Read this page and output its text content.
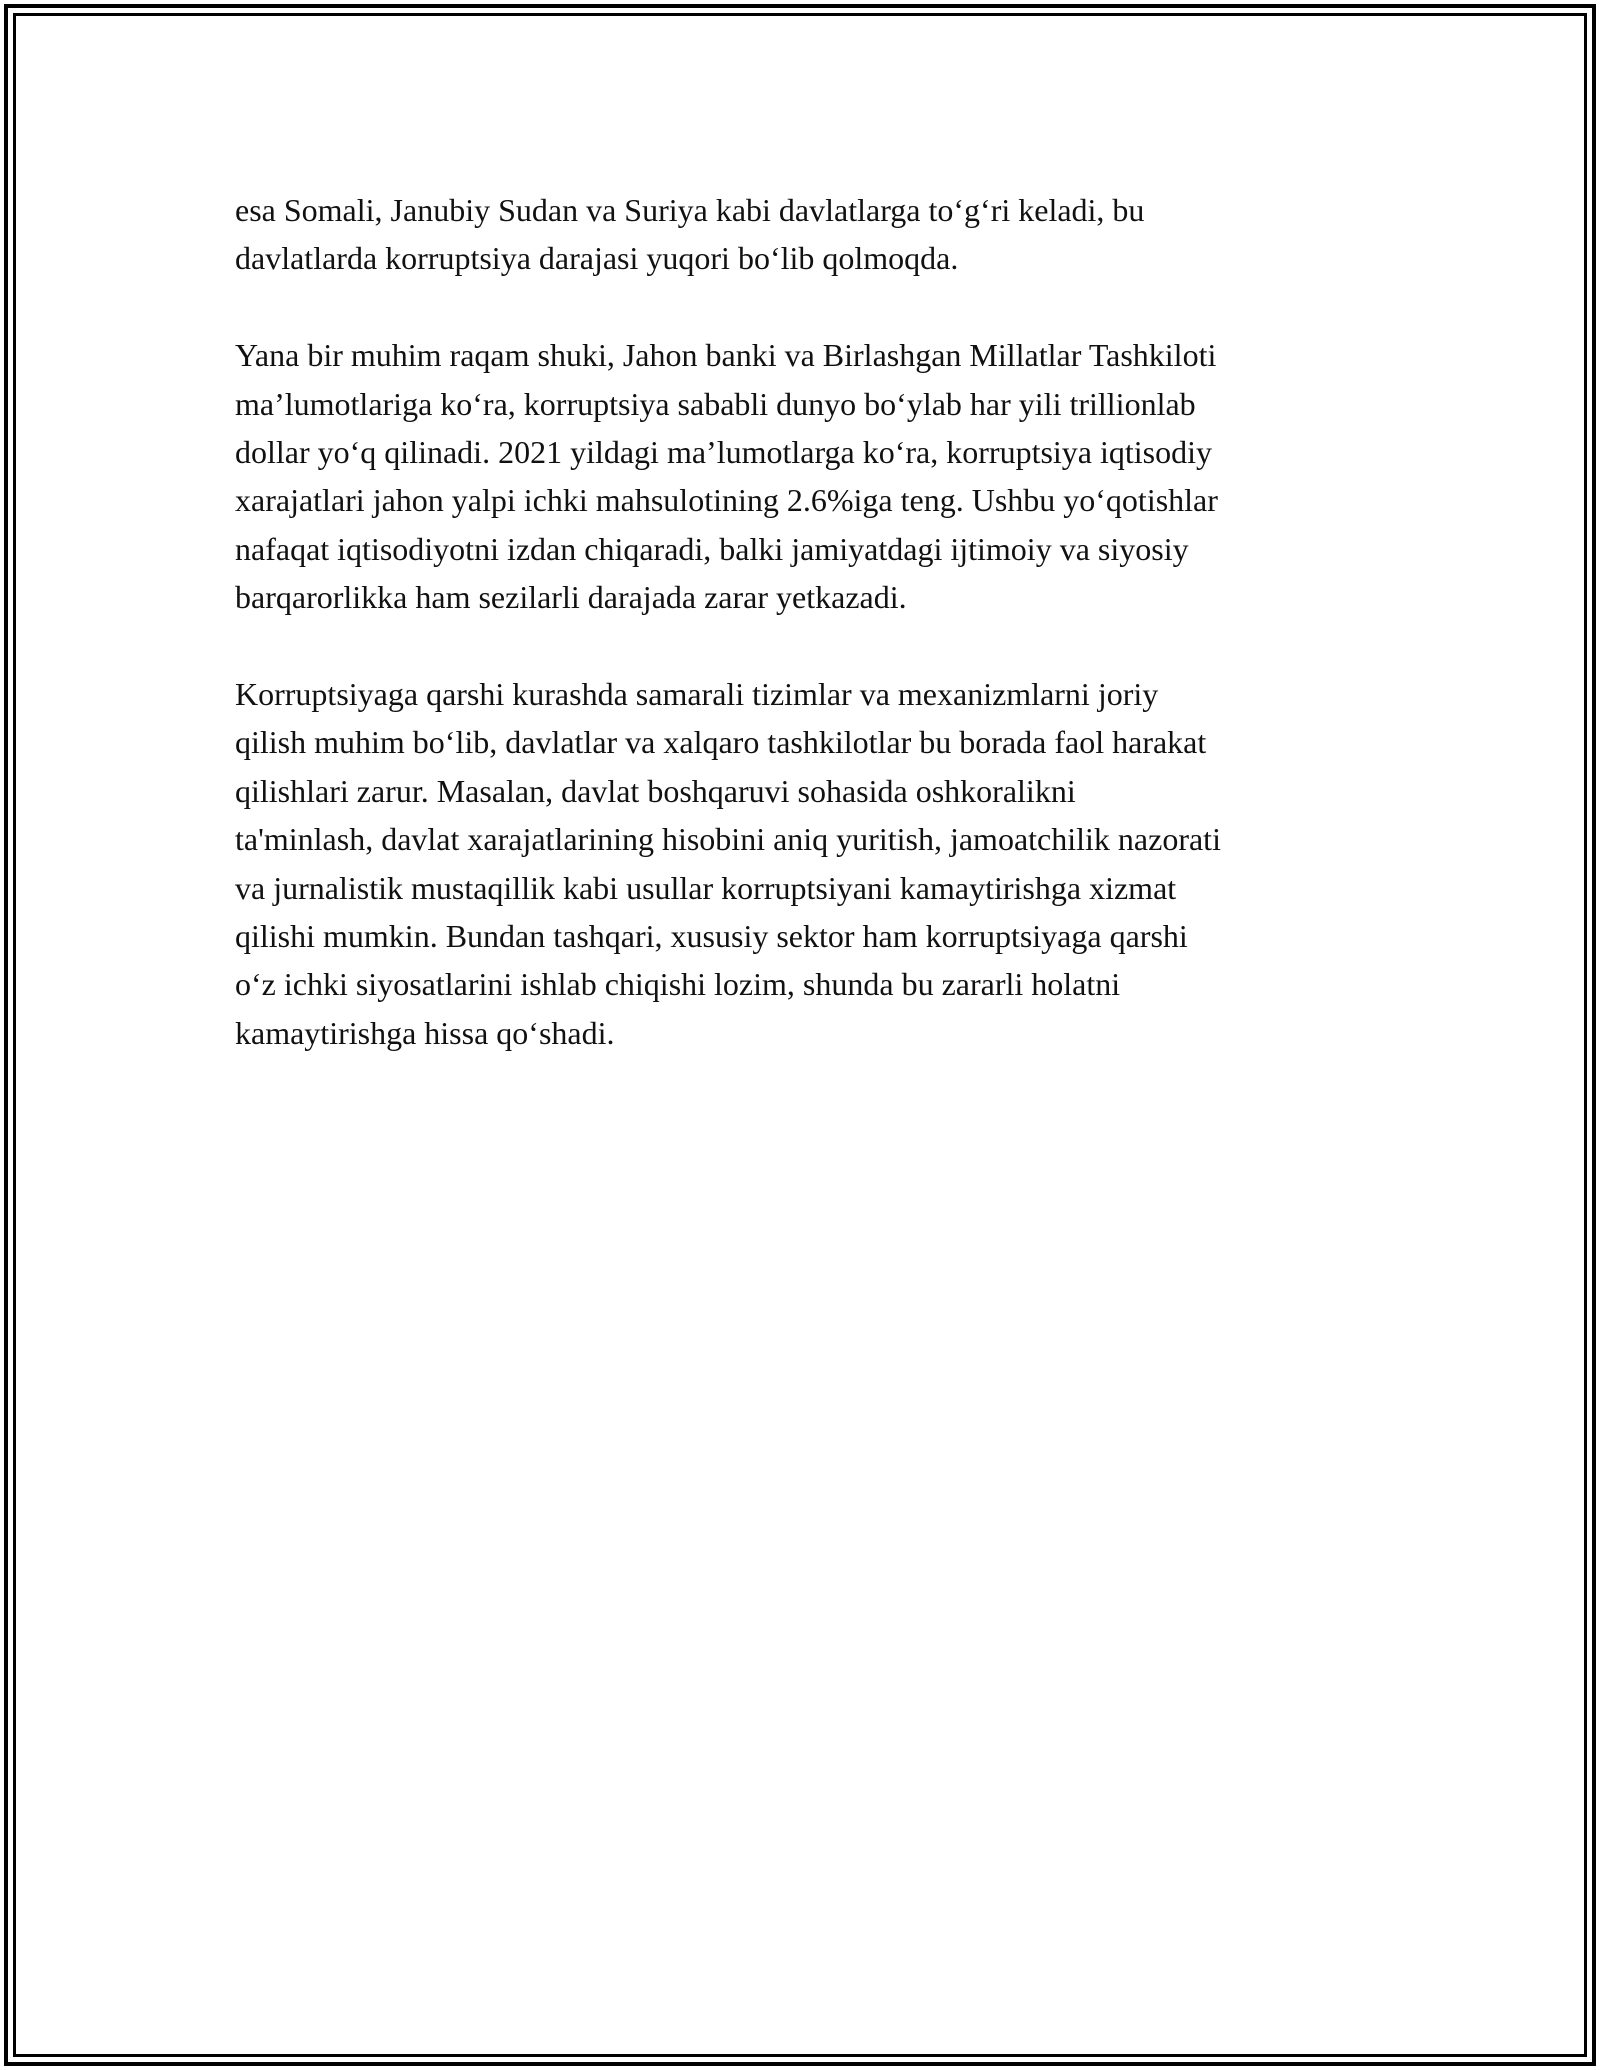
esa Somali, Janubiy Sudan va Suriya kabi davlatlarga to‘g‘ri keladi, bu
davlatlarda korruptsiya darajasi yuqori bo‘lib qolmoqda.

Yana bir muhim raqam shuki, Jahon banki va Birlashgan Millatlar Tashkiloti
ma’lumotlariga ko‘ra, korruptsiya sababli dunyo bo‘ylab har yili trillionlab
dollar yo‘q qilinadi. 2021 yildagi ma’lumotlarga ko‘ra, korruptsiya iqtisodiy
xarajatlari jahon yalpi ichki mahsulotining 2.6%iga teng. Ushbu yo‘qotishlar
nafaqat iqtisodiyotni izdan chiqaradi, balki jamiyatdagi ijtimoiy va siyosiy
barqarorlikka ham sezilarli darajada zarar yetkazadi.

Korruptsiyaga qarshi kurashda samarali tizimlar va mexanizmlarni joriy
qilish muhim bo‘lib, davlatlar va xalqaro tashkilotlar bu borada faol harakat
qilishlari zarur. Masalan, davlat boshqaruvi sohasida oshkoralikni
ta'minlash, davlat xarajatlarining hisobini aniq yuritish, jamoatchilik nazorati
va jurnalistik mustaqillik kabi usullar korruptsiyani kamaytirishga xizmat
qilishi mumkin. Bundan tashqari, xususiy sektor ham korruptsiyaga qarshi
o‘z ichki siyosatlarini ishlab chiqishi lozim, shunda bu zararli holatni
kamaytirishga hissa qo‘shadi.
